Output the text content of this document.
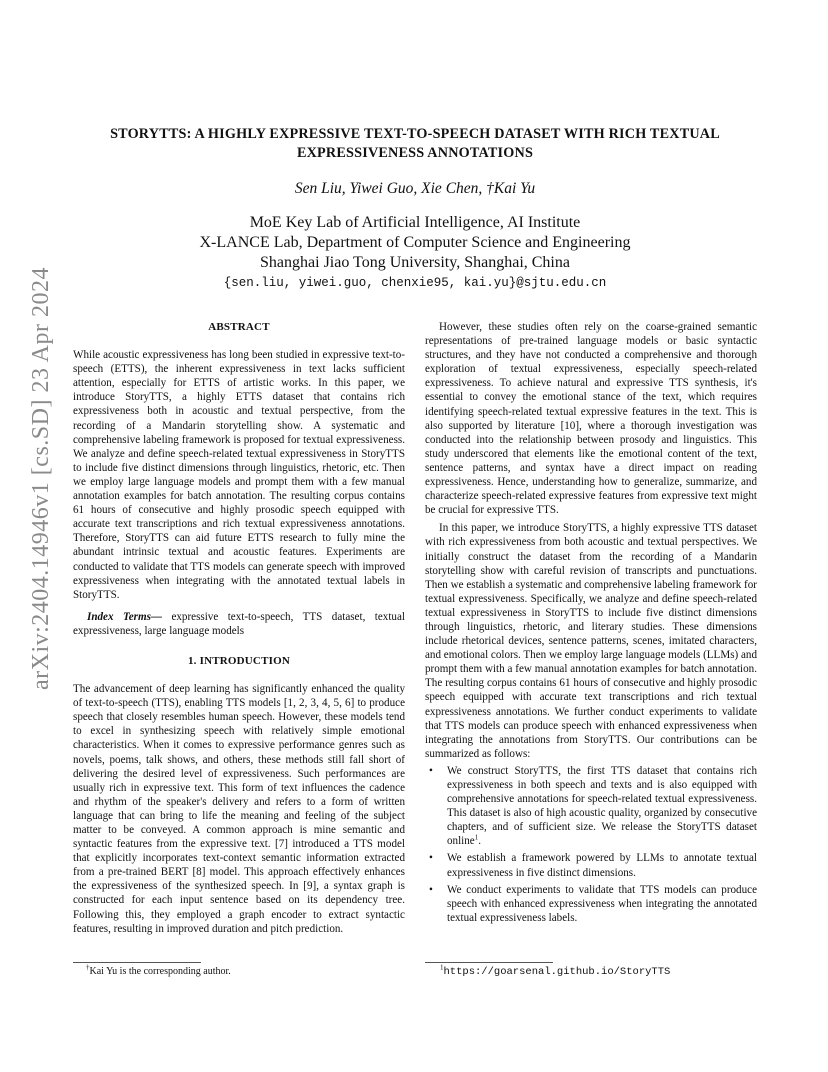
arXiv:2404.14946v1 [cs.SD] 23 Apr 2024
STORYTTS: A HIGHLY EXPRESSIVE TEXT-TO-SPEECH DATASET WITH RICH TEXTUAL
EXPRESSIVENESS ANNOTATIONS
Sen Liu, Yiwei Guo, Xie Chen, †Kai Yu
MoE Key Lab of Artificial Intelligence, AI Institute
X-LANCE Lab, Department of Computer Science and Engineering
Shanghai Jiao Tong University, Shanghai, China
{sen.liu, yiwei.guo, chenxie95, kai.yu}@sjtu.edu.cn
ABSTRACT

While acoustic expressiveness has long been studied in expressive text-to-speech (ETTS), the inherent expressiveness in text lacks sufficient attention, especially for ETTS of artistic works. In this paper, we introduce StoryTTS, a highly ETTS dataset that contains rich expressiveness both in acoustic and textual perspective, from the recording of a Mandarin storytelling show. A systematic and comprehensive labeling framework is proposed for textual expressiveness. We analyze and define speech-related textual expressiveness in StoryTTS to include five distinct dimensions through linguistics, rhetoric, etc. Then we employ large language models and prompt them with a few manual annotation examples for batch annotation. The resulting corpus contains 61 hours of consecutive and highly prosodic speech equipped with accurate text transcriptions and rich textual expressiveness annotations. Therefore, StoryTTS can aid future ETTS research to fully mine the abundant intrinsic textual and acoustic features. Experiments are conducted to validate that TTS models can generate speech with improved expressiveness when integrating with the annotated textual labels in StoryTTS.

Index Terms— expressive text-to-speech, TTS dataset, textual expressiveness, large language models

1. INTRODUCTION

The advancement of deep learning has significantly enhanced the quality of text-to-speech (TTS), enabling TTS models [1, 2, 3, 4, 5, 6] to produce speech that closely resembles human speech. However, these models tend to excel in synthesizing speech with relatively simple emotional characteristics. When it comes to expressive performance genres such as novels, poems, talk shows, and others, these methods still fall short of delivering the desired level of expressiveness. Such performances are usually rich in expressive text. This form of text influences the cadence and rhythm of the speaker's delivery and refers to a form of written language that can bring to life the meaning and feeling of the subject matter to be conveyed. A common approach is mine semantic and syntactic features from the expressive text. [7] introduced a TTS model that explicitly incorporates text-context semantic information extracted from a pre-trained BERT [8] model. This approach effectively enhances the expressiveness of the synthesized speech. In [9], a syntax graph is constructed for each input sentence based on its dependency tree. Following this, they employed a graph encoder to extract syntactic features, resulting in improved duration and pitch prediction.

However, these studies often rely on the coarse-grained semantic representations of pre-trained language models or basic syntactic structures, and they have not conducted a comprehensive and thorough exploration of textual expressiveness, especially speech-related expressiveness. To achieve natural and expressive TTS synthesis, it's essential to convey the emotional stance of the text, which requires identifying speech-related textual expressive features in the text. This is also supported by literature [10], where a thorough investigation was conducted into the relationship between prosody and linguistics. This study underscored that elements like the emotional content of the text, sentence patterns, and syntax have a direct impact on reading expressiveness. Hence, understanding how to generalize, summarize, and characterize speech-related expressive features from expressive text might be crucial for expressive TTS.

In this paper, we introduce StoryTTS, a highly expressive TTS dataset with rich expressiveness from both acoustic and textual perspectives. We initially construct the dataset from the recording of a Mandarin storytelling show with careful revision of transcripts and punctuations. Then we establish a systematic and comprehensive labeling framework for textual expressiveness. Specifically, we analyze and define speech-related textual expressiveness in StoryTTS to include five distinct dimensions through linguistics, rhetoric, and literary studies. These dimensions include rhetorical devices, sentence patterns, scenes, imitated characters, and emotional colors. Then we employ large language models (LLMs) and prompt them with a few manual annotation examples for batch annotation. The resulting corpus contains 61 hours of consecutive and highly prosodic speech equipped with accurate text transcriptions and rich textual expressiveness annotations. We further conduct experiments to validate that TTS models can produce speech with enhanced expressiveness when integrating the annotations from StoryTTS. Our contributions can be summarized as follows:

• We construct StoryTTS, the first TTS dataset that contains rich expressiveness in both speech and texts and is also equipped with comprehensive annotations for speech-related textual expressiveness. This dataset is also of high acoustic quality, organized by consecutive chapters, and of sufficient size. We release the StoryTTS dataset online$^1$.
• We establish a framework powered by LLMs to annotate textual expressiveness in five distinct dimensions.
• We conduct experiments to validate that TTS models can produce speech with enhanced expressiveness when integrating the annotated textual expressiveness labels.
†Kai Yu is the corresponding author.	$^1$https://goarsenal.github.io/StoryTTS
